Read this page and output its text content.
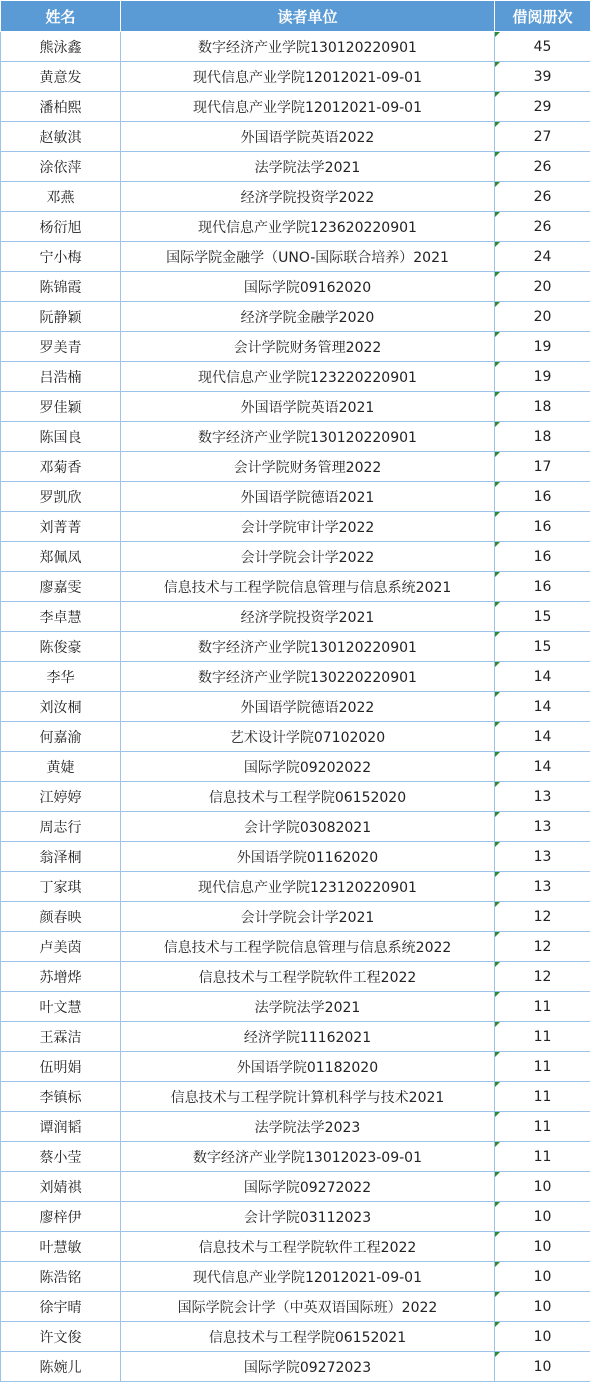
姓名	读者单位	借阅册次
熊泳鑫	数字经济产业学院130120220901	45
黄意发	现代信息产业学院12012021-09-01	39
潘柏熙	现代信息产业学院12012021-09-01	29
赵敏淇	外国语学院英语2022	27
涂依萍	法学院法学2021	26
邓燕	经济学院投资学2022	26
杨衍旭	现代信息产业学院123620220901	26
宁小梅	国际学院金融学（UNO-国际联合培养）2021	24
陈锦霞	国际学院09162020	20
阮静颖	经济学院金融学2020	20
罗美青	会计学院财务管理2022	19
吕浩楠	现代信息产业学院123220220901	19
罗佳颖	外国语学院英语2021	18
陈国良	数字经济产业学院130120220901	18
邓菊香	会计学院财务管理2022	17
罗凯欣	外国语学院德语2021	16
刘菁菁	会计学院审计学2022	16
郑佩凤	会计学院会计学2022	16
廖嘉雯	信息技术与工程学院信息管理与信息系统2021	16
李卓慧	经济学院投资学2021	15
陈俊豪	数字经济产业学院130120220901	15
李华	数字经济产业学院130220220901	14
刘汝桐	外国语学院德语2022	14
何嘉渝	艺术设计学院07102020	14
黄婕	国际学院09202022	14
江婷婷	信息技术与工程学院06152020	13
周志行	会计学院03082021	13
翁泽桐	外国语学院01162020	13
丁家琪	现代信息产业学院123120220901	13
颜春映	会计学院会计学2021	12
卢美茵	信息技术与工程学院信息管理与信息系统2022	12
苏增烨	信息技术与工程学院软件工程2022	12
叶文慧	法学院法学2021	11
王霖洁	经济学院11162021	11
伍明娟	外国语学院01182020	11
李镇标	信息技术与工程学院计算机科学与技术2021	11
谭润韬	法学院法学2023	11
蔡小莹	数字经济产业学院13012023-09-01	11
刘婧祺	国际学院09272022	10
廖梓伊	会计学院03112023	10
叶慧敏	信息技术与工程学院软件工程2022	10
陈浩铭	现代信息产业学院12012021-09-01	10
徐宇晴	国际学院会计学（中英双语国际班）2022	10
许文俊	信息技术与工程学院06152021	10
陈婉儿	国际学院09272023	10
